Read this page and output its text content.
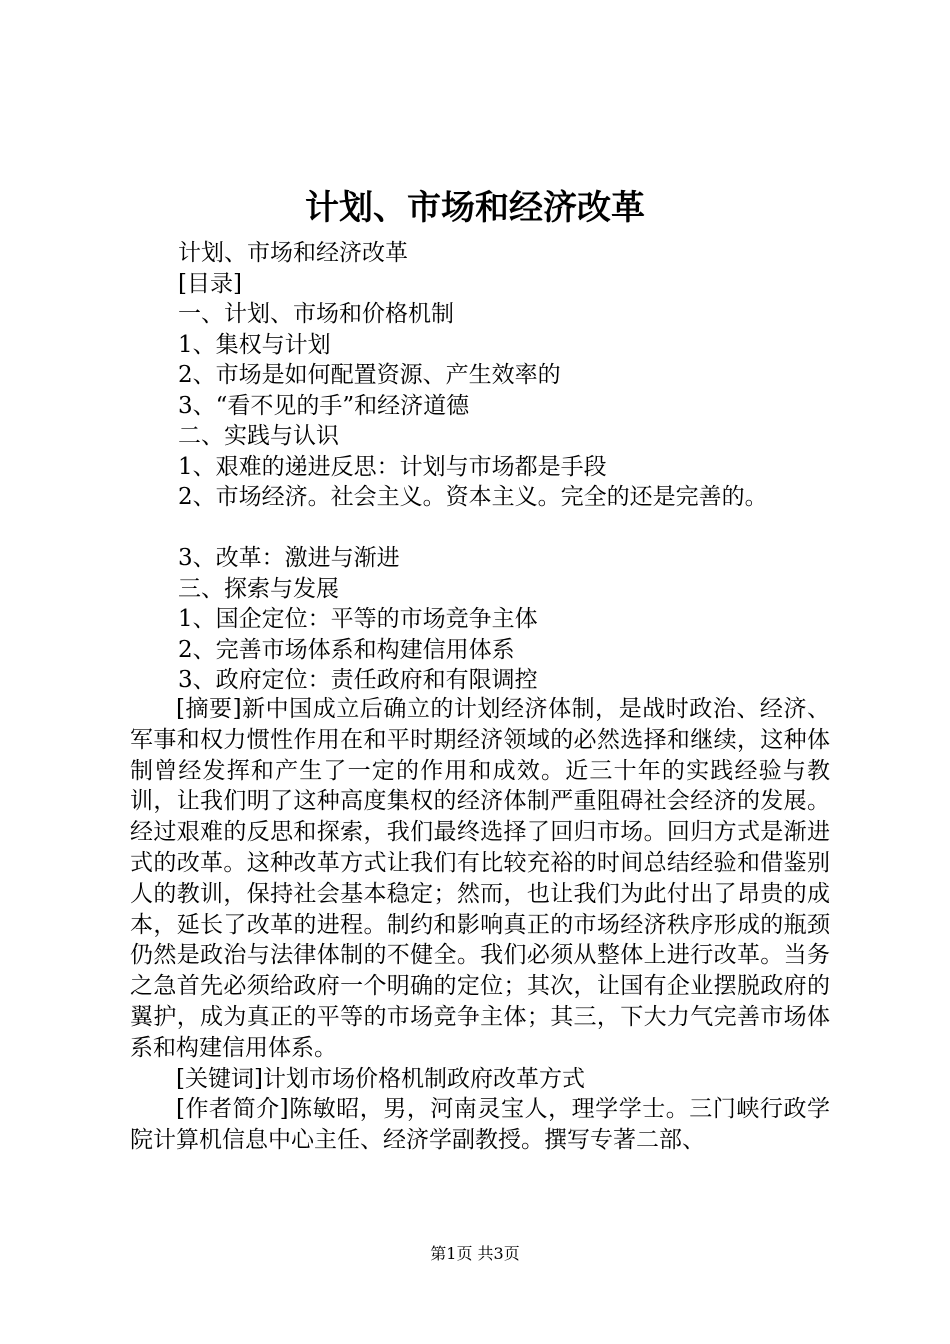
计划、市场和经济改革
计划、市场和经济改革
[目录]
一、计划、市场和价格机制
1、集权与计划
2、市场是如何配置资源、产生效率的
3、“看不见的手”和经济道德
二、实践与认识
1、艰难的递进反思：计划与市场都是手段
2、市场经济。社会主义。资本主义。完全的还是完善的。
3、改革：激进与渐进
三、探索与发展
1、国企定位：平等的市场竞争主体
2、完善市场体系和构建信用体系
3、政府定位：责任政府和有限调控

[摘要]新中国成立后确立的计划经济体制，是战时政治、经济、军事和权力惯性作用在和平时期经济领域的必然选择和继续，这种体制曾经发挥和产生了一定的作用和成效。近三十年的实践经验与教训，让我们明了这种高度集权的经济体制严重阻碍社会经济的发展。经过艰难的反思和探索，我们最终选择了回归市场。回归方式是渐进式的改革。这种改革方式让我们有比较充裕的时间总结经验和借鉴别人的教训，保持社会基本稳定；然而，也让我们为此付出了昂贵的成本，延长了改革的进程。制约和影响真正的市场经济秩序形成的瓶颈仍然是政治与法律体制的不健全。我们必须从整体上进行改革。当务之急首先必须给政府一个明确的定位；其次，让国有企业摆脱政府的翼护，成为真正的平等的市场竞争主体；其三，下大力气完善市场体系和构建信用体系。

[关键词]计划市场价格机制政府改革方式

[作者简介]陈敏昭，男，河南灵宝人，理学学士。三门峡行政学院计算机信息中心主任、经济学副教授。撰写专著二部、

第1页 共3页
